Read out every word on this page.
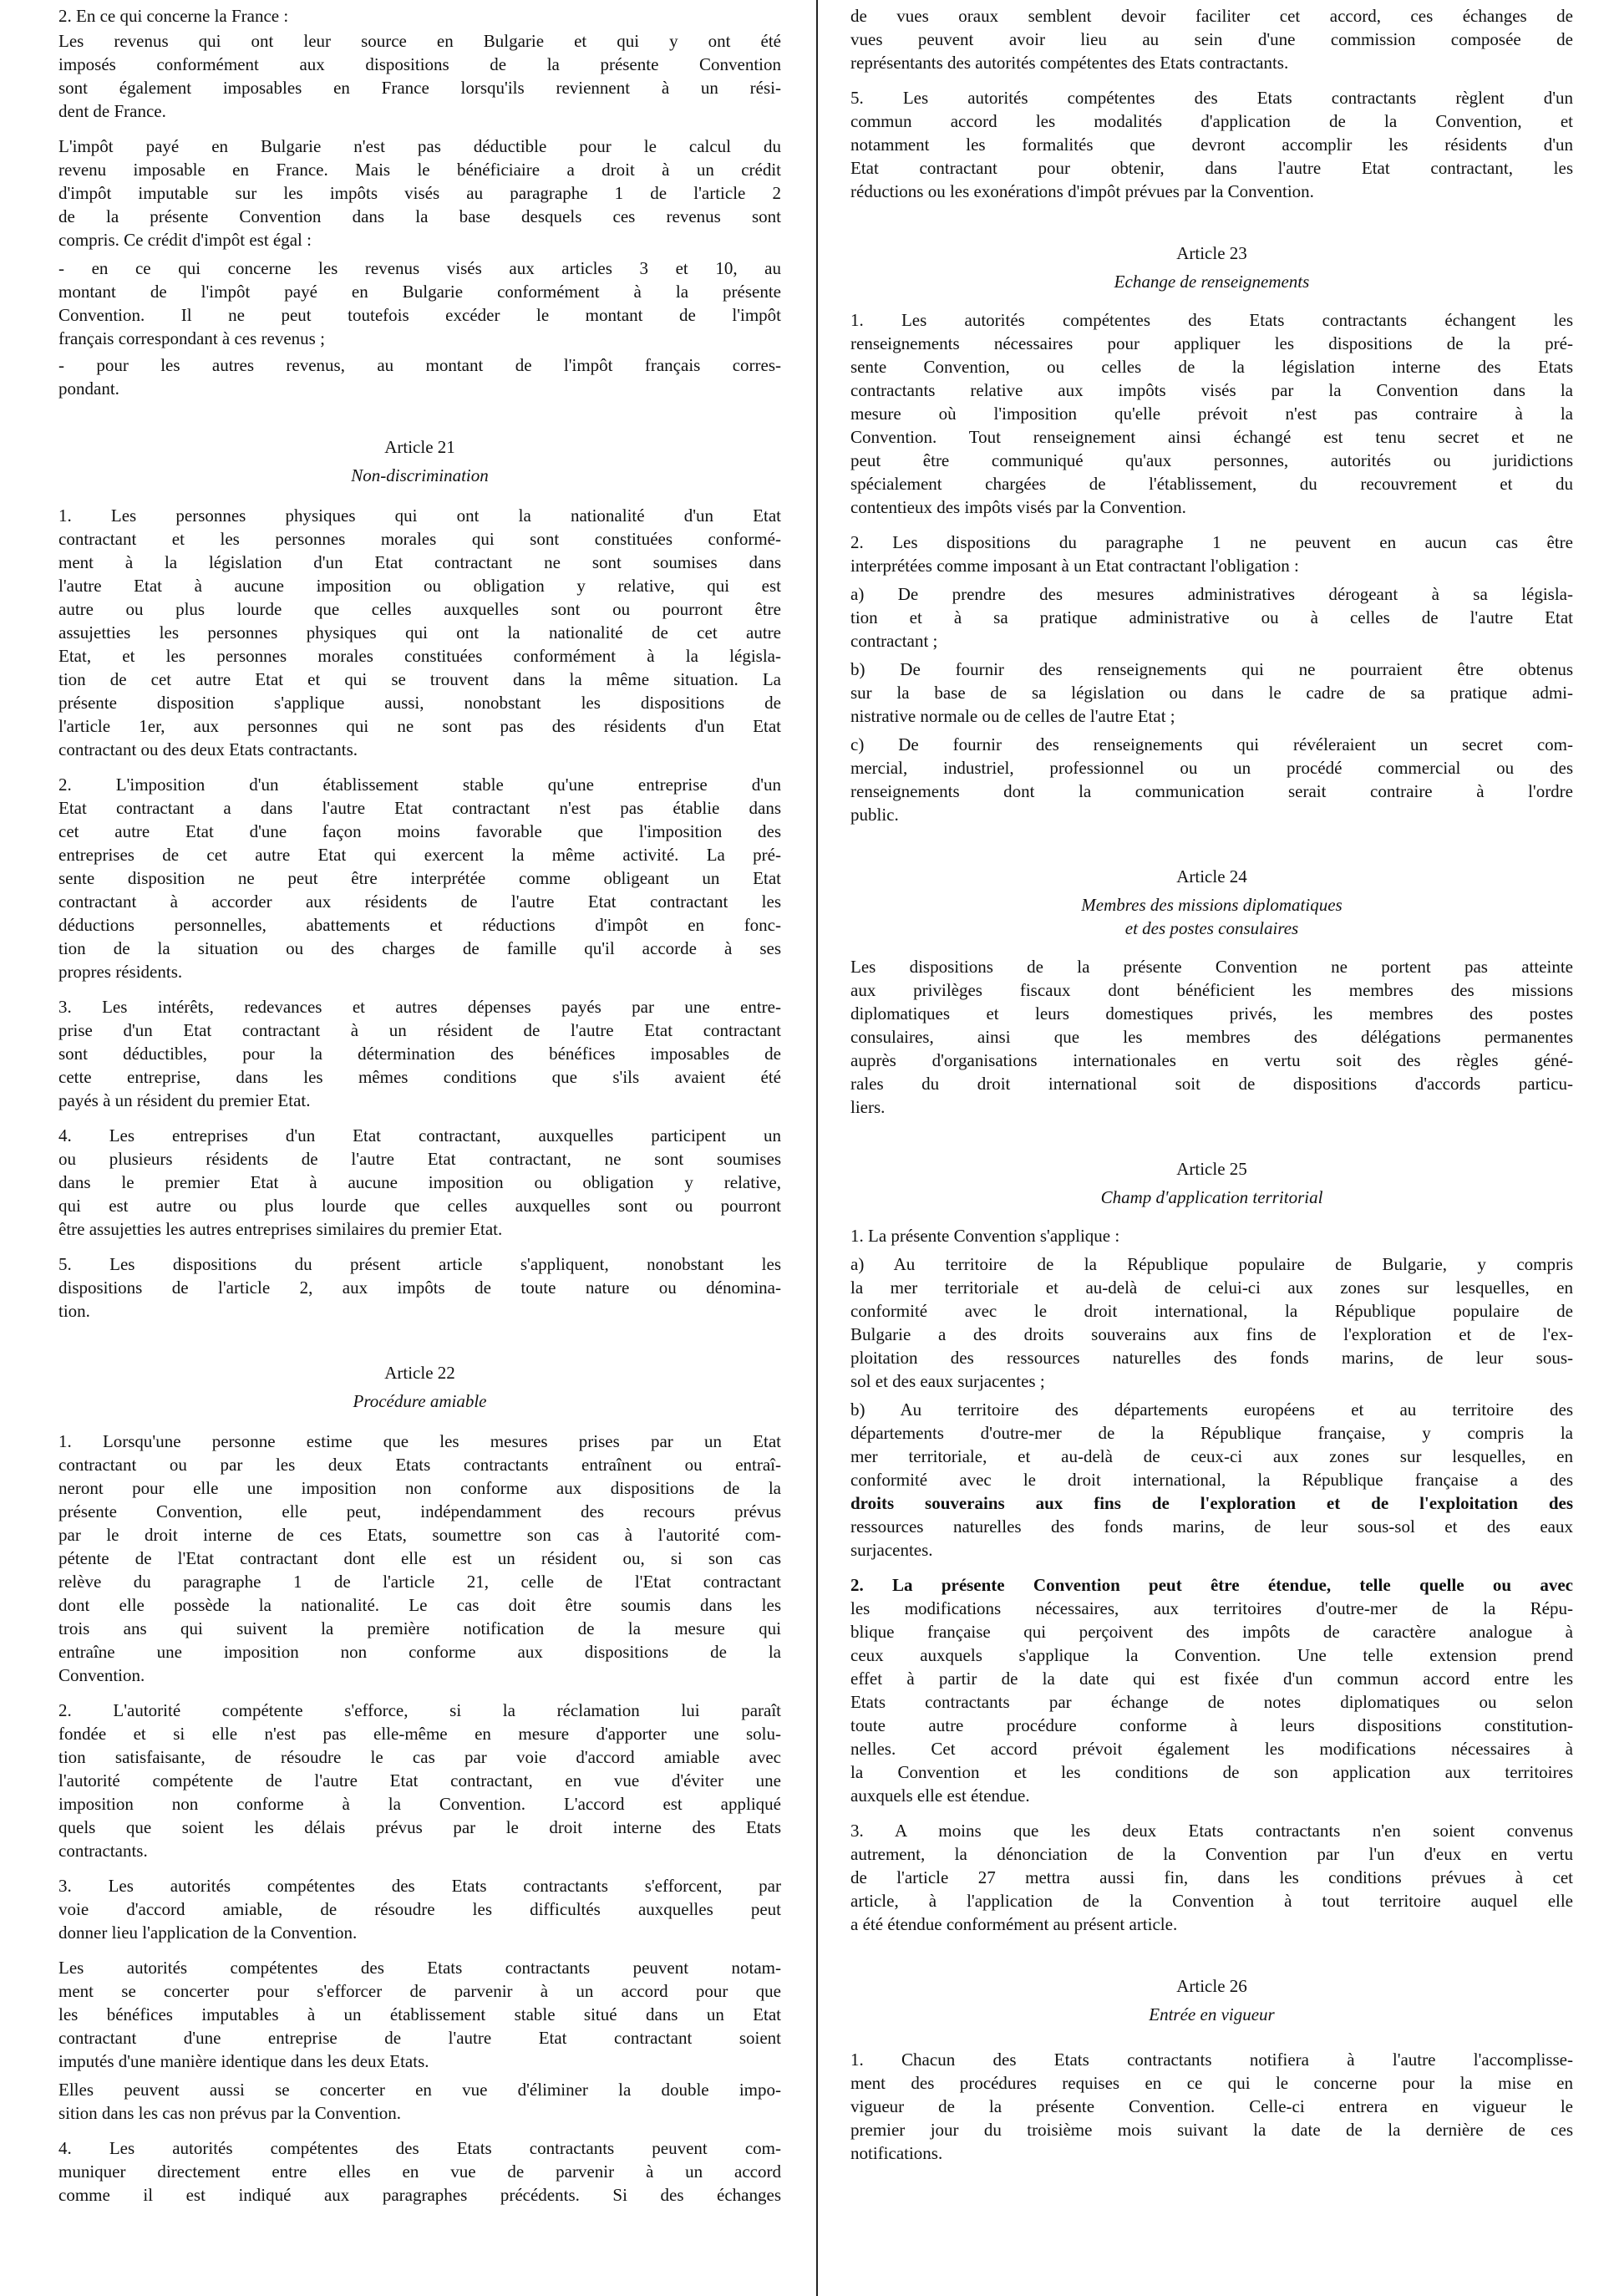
2. En ce qui concerne la France :
Les revenus qui ont leur source en Bulgarie et qui y ont été
imposés conformément aux dispositions de la présente Convention
sont également imposables en France lorsqu'ils reviennent à un rési-
dent de France.
L'impôt payé en Bulgarie n'est pas déductible pour le calcul du
revenu imposable en France. Mais le bénéficiaire a droit à un crédit
d'impôt imputable sur les impôts visés au paragraphe 1 de l'article 2
de la présente Convention dans la base desquels ces revenus sont
compris. Ce crédit d'impôt est égal :
- en ce qui concerne les revenus visés aux articles 3 et 10, au
montant de l'impôt payé en Bulgarie conformément à la présente
Convention. Il ne peut toutefois excéder le montant de l'impôt
français correspondant à ces revenus ;
- pour les autres revenus, au montant de l'impôt français corres-
pondant.
Article 21
Non-discrimination
1. Les personnes physiques qui ont la nationalité d'un Etat
contractant et les personnes morales qui sont constituées conformé-
ment à la législation d'un Etat contractant ne sont soumises dans
l'autre Etat à aucune imposition ou obligation y relative, qui est
autre ou plus lourde que celles auxquelles sont ou pourront être
assujetties les personnes physiques qui ont la nationalité de cet autre
Etat, et les personnes morales constituées conformément à la législa-
tion de cet autre Etat et qui se trouvent dans la même situation. La
présente disposition s'applique aussi, nonobstant les dispositions de
l'article 1er, aux personnes qui ne sont pas des résidents d'un Etat
contractant ou des deux Etats contractants.
2. L'imposition d'un établissement stable qu'une entreprise d'un
Etat contractant a dans l'autre Etat contractant n'est pas établie dans
cet autre Etat d'une façon moins favorable que l'imposition des
entreprises de cet autre Etat qui exercent la même activité. La pré-
sente disposition ne peut être interprétée comme obligeant un Etat
contractant à accorder aux résidents de l'autre Etat contractant les
déductions personnelles, abattements et réductions d'impôt en fonc-
tion de la situation ou des charges de famille qu'il accorde à ses
propres résidents.
3. Les intérêts, redevances et autres dépenses payés par une entre-
prise d'un Etat contractant à un résident de l'autre Etat contractant
sont déductibles, pour la détermination des bénéfices imposables de
cette entreprise, dans les mêmes conditions que s'ils avaient été
payés à un résident du premier Etat.
4. Les entreprises d'un Etat contractant, auxquelles participent un
ou plusieurs résidents de l'autre Etat contractant, ne sont soumises
dans le premier Etat à aucune imposition ou obligation y relative,
qui est autre ou plus lourde que celles auxquelles sont ou pourront
être assujetties les autres entreprises similaires du premier Etat.
5. Les dispositions du présent article s'appliquent, nonobstant les
dispositions de l'article 2, aux impôts de toute nature ou dénomina-
tion.
Article 22
Procédure amiable
1. Lorsqu'une personne estime que les mesures prises par un Etat
contractant ou par les deux Etats contractants entraînent ou entraî-
neront pour elle une imposition non conforme aux dispositions de la
présente Convention, elle peut, indépendamment des recours prévus
par le droit interne de ces Etats, soumettre son cas à l'autorité com-
pétente de l'Etat contractant dont elle est un résident ou, si son cas
relève du paragraphe 1 de l'article 21, celle de l'Etat contractant
dont elle possède la nationalité. Le cas doit être soumis dans les
trois ans qui suivent la première notification de la mesure qui
entraîne une imposition non conforme aux dispositions de la
Convention.
2. L'autorité compétente s'efforce, si la réclamation lui paraît
fondée et si elle n'est pas elle-même en mesure d'apporter une solu-
tion satisfaisante, de résoudre le cas par voie d'accord amiable avec
l'autorité compétente de l'autre Etat contractant, en vue d'éviter une
imposition non conforme à la Convention. L'accord est appliqué
quels que soient les délais prévus par le droit interne des Etats
contractants.
3. Les autorités compétentes des Etats contractants s'efforcent, par
voie d'accord amiable, de résoudre les difficultés auxquelles peut
donner lieu l'application de la Convention.
Les autorités compétentes des Etats contractants peuvent notam-
ment se concerter pour s'efforcer de parvenir à un accord pour que
les bénéfices imputables à un établissement stable situé dans un Etat
contractant d'une entreprise de l'autre Etat contractant soient
imputés d'une manière identique dans les deux Etats.
Elles peuvent aussi se concerter en vue d'éliminer la double impo-
sition dans les cas non prévus par la Convention.
4. Les autorités compétentes des Etats contractants peuvent com-
muniquer directement entre elles en vue de parvenir à un accord
comme il est indiqué aux paragraphes précédents. Si des échanges
de vues oraux semblent devoir faciliter cet accord, ces échanges de
vues peuvent avoir lieu au sein d'une commission composée de
représentants des autorités compétentes des Etats contractants.
5. Les autorités compétentes des Etats contractants règlent d'un
commun accord les modalités d'application de la Convention, et
notamment les formalités que devront accomplir les résidents d'un
Etat contractant pour obtenir, dans l'autre Etat contractant, les
réductions ou les exonérations d'impôt prévues par la Convention.
Article 23
Echange de renseignements
1. Les autorités compétentes des Etats contractants échangent les
renseignements nécessaires pour appliquer les dispositions de la pré-
sente Convention, ou celles de la législation interne des Etats
contractants relative aux impôts visés par la Convention dans la
mesure où l'imposition qu'elle prévoit n'est pas contraire à la
Convention. Tout renseignement ainsi échangé est tenu secret et ne
peut être communiqué qu'aux personnes, autorités ou juridictions
spécialement chargées de l'établissement, du recouvrement et du
contentieux des impôts visés par la Convention.
2. Les dispositions du paragraphe 1 ne peuvent en aucun cas être
interprétées comme imposant à un Etat contractant l'obligation :
a) De prendre des mesures administratives dérogeant à sa législa-
tion et à sa pratique administrative ou à celles de l'autre Etat
contractant ;
b) De fournir des renseignements qui ne pourraient être obtenus
sur la base de sa législation ou dans le cadre de sa pratique admi-
nistrative normale ou de celles de l'autre Etat ;
c) De fournir des renseignements qui révéleraient un secret com-
mercial, industriel, professionnel ou un procédé commercial ou des
renseignements dont la communication serait contraire à l'ordre
public.
Article 24
Membres des missions diplomatiques
et des postes consulaires
Les dispositions de la présente Convention ne portent pas atteinte
aux privilèges fiscaux dont bénéficient les membres des missions
diplomatiques et leurs domestiques privés, les membres des postes
consulaires, ainsi que les membres des délégations permanentes
auprès d'organisations internationales en vertu soit des règles géné-
rales du droit international soit de dispositions d'accords particu-
liers.
Article 25
Champ d'application territorial
1. La présente Convention s'applique :
a) Au territoire de la République populaire de Bulgarie, y compris
la mer territoriale et au-delà de celui-ci aux zones sur lesquelles, en
conformité avec le droit international, la République populaire de
Bulgarie a des droits souverains aux fins de l'exploration et de l'ex-
ploitation des ressources naturelles des fonds marins, de leur sous-
sol et des eaux surjacentes ;
b) Au territoire des départements européens et au territoire des
départements d'outre-mer de la République française, y compris la
mer territoriale, et au-delà de ceux-ci aux zones sur lesquelles, en
conformité avec le droit international, la République française a des
droits souverains aux fins de l'exploration et de l'exploitation des
ressources naturelles des fonds marins, de leur sous-sol et des eaux
surjacentes.
2. La présente Convention peut être étendue, telle quelle ou avec
les modifications nécessaires, aux territoires d'outre-mer de la Répu-
blique française qui perçoivent des impôts de caractère analogue à
ceux auxquels s'applique la Convention. Une telle extension prend
effet à partir de la date qui est fixée d'un commun accord entre les
Etats contractants par échange de notes diplomatiques ou selon
toute autre procédure conforme à leurs dispositions constitution-
nelles. Cet accord prévoit également les modifications nécessaires à
la Convention et les conditions de son application aux territoires
auxquels elle est étendue.
3. A moins que les deux Etats contractants n'en soient convenus
autrement, la dénonciation de la Convention par l'un d'eux en vertu
de l'article 27 mettra aussi fin, dans les conditions prévues à cet
article, à l'application de la Convention à tout territoire auquel elle
a été étendue conformément au présent article.
Article 26
Entrée en vigueur
1. Chacun des Etats contractants notifiera à l'autre l'accomplisse-
ment des procédures requises en ce qui le concerne pour la mise en
vigueur de la présente Convention. Celle-ci entrera en vigueur le
premier jour du troisième mois suivant la date de la dernière de ces
notifications.
